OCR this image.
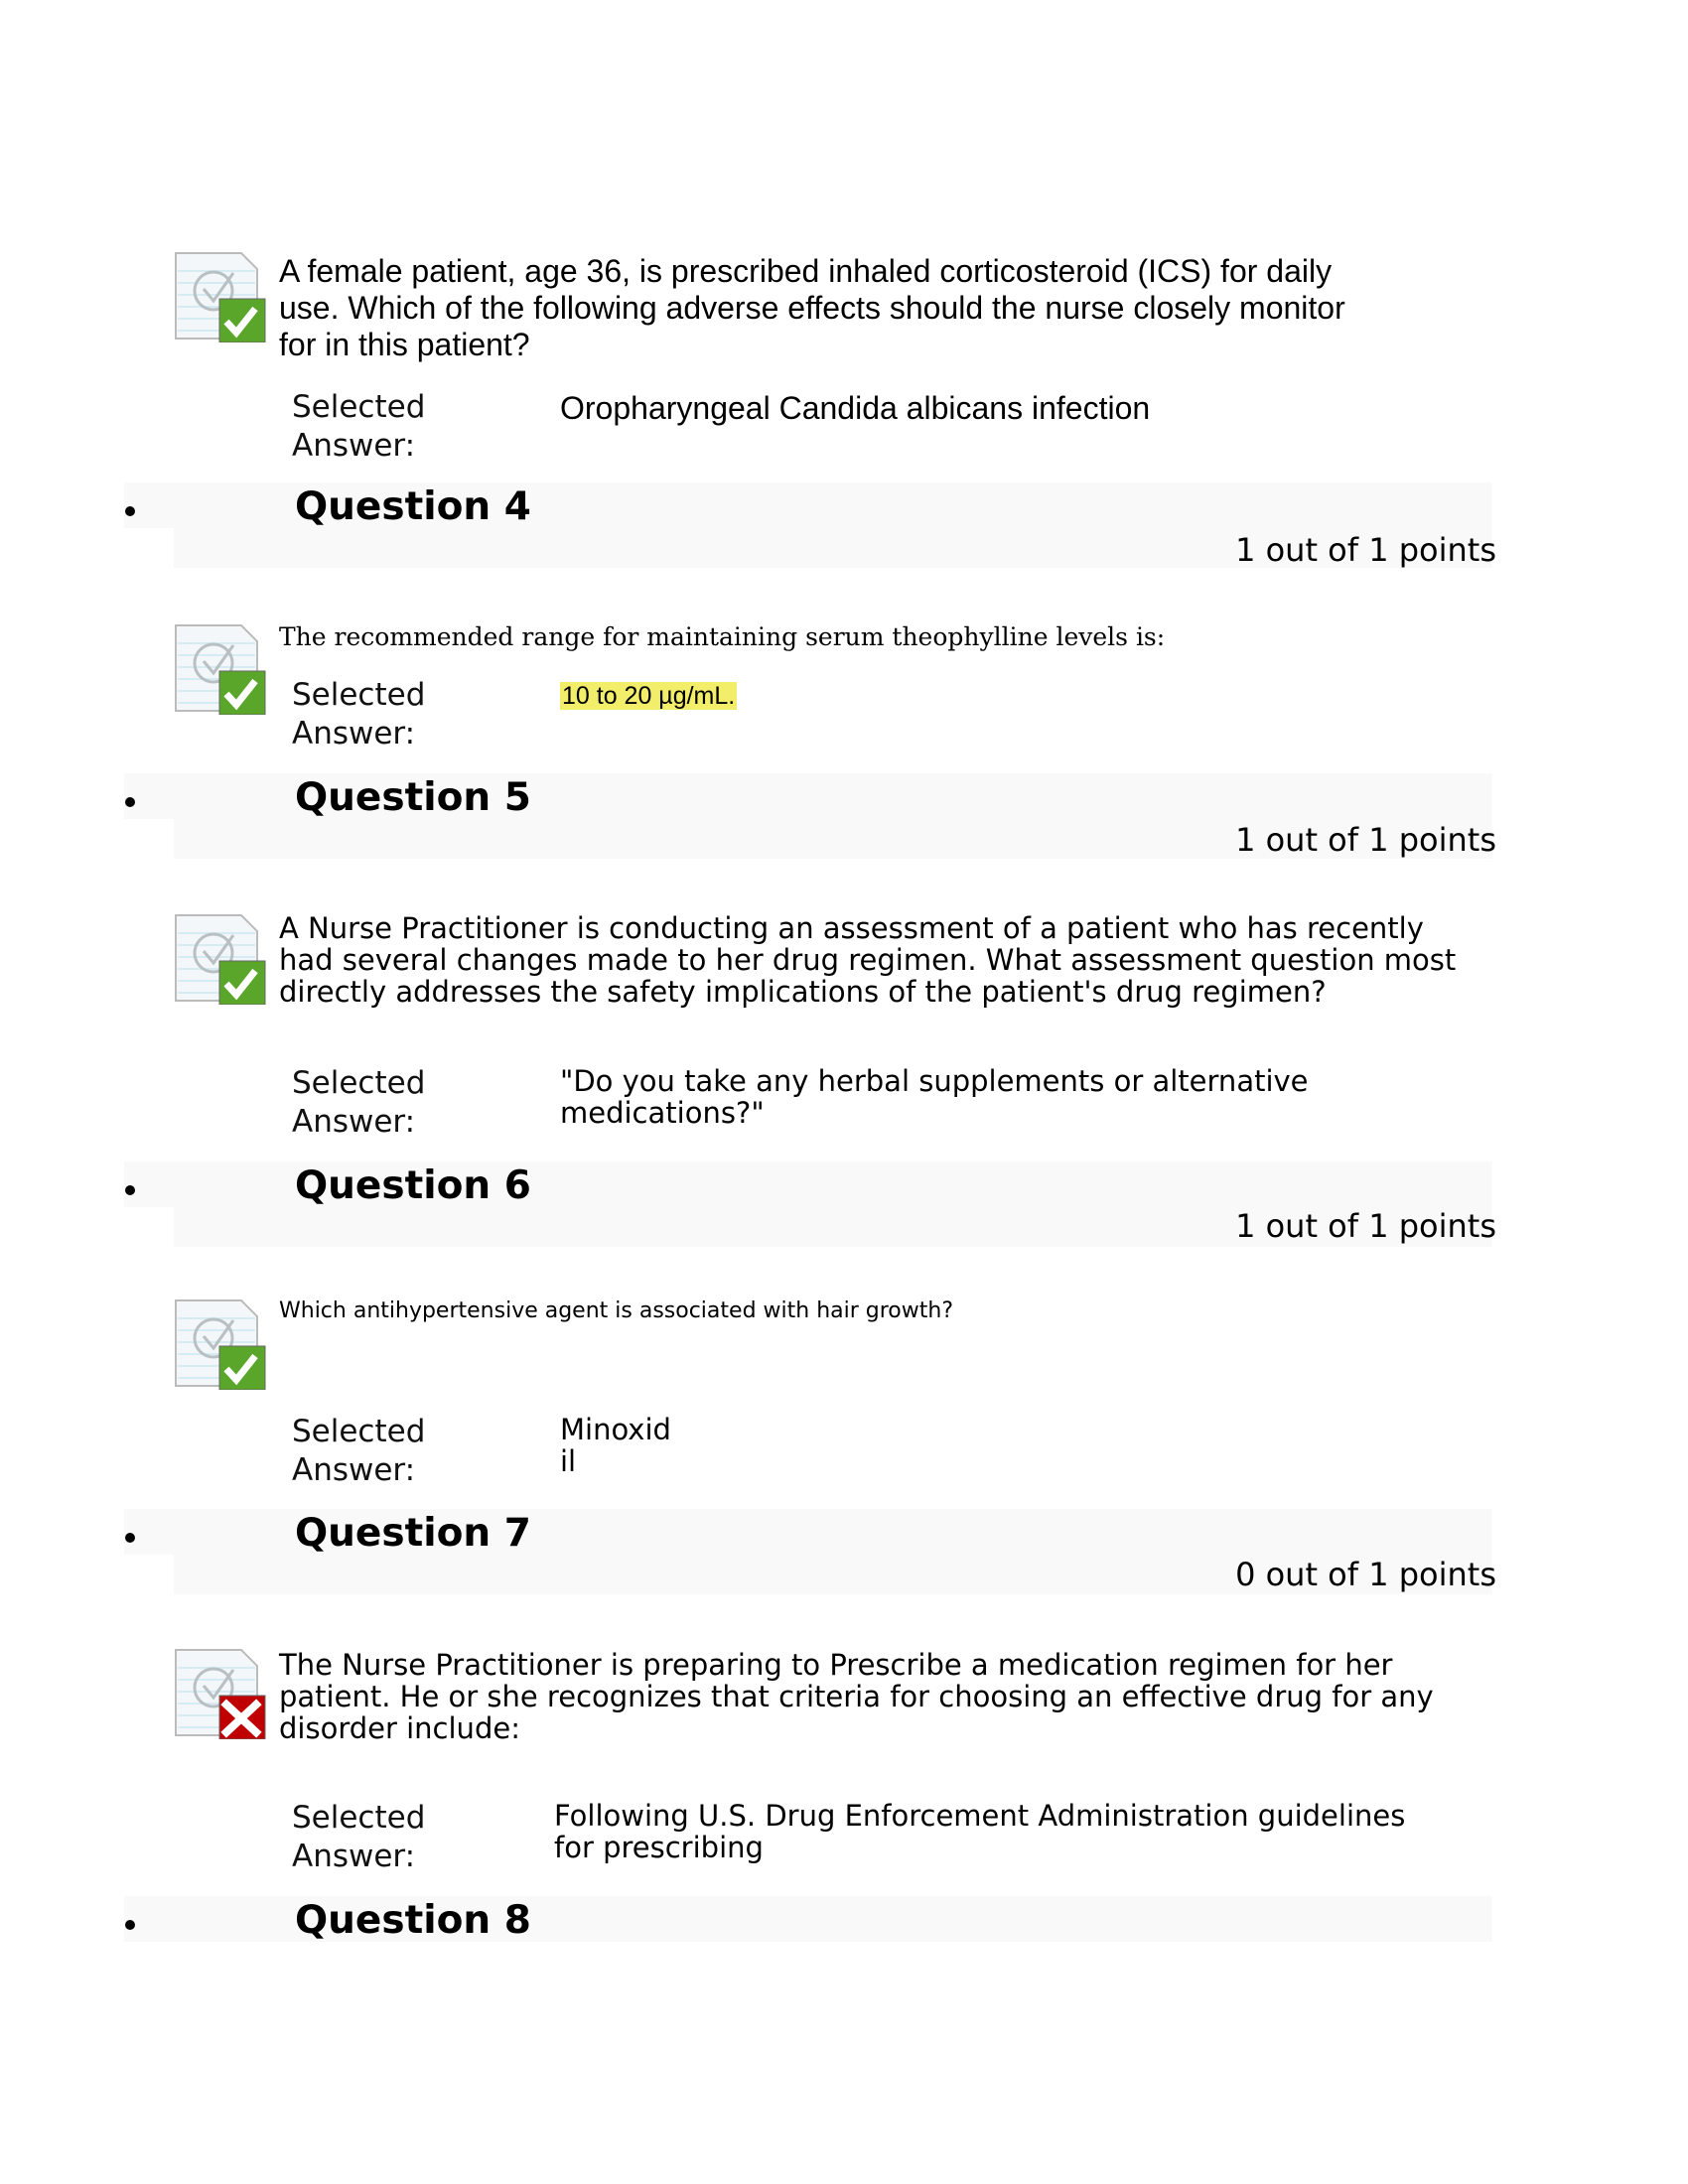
A female patient, age 36, is prescribed inhaled corticosteroid (ICS) for daily
use. Which of the following adverse effects should the nurse closely monitor
for in this patient?
Selected
Answer:
Oropharyngeal Candida albicans infection
Question 4
1 out of 1 points
The recommended range for maintaining serum theophylline levels is:
Selected
Answer:
10 to 20 µg/mL.
Question 5
1 out of 1 points
A Nurse Practitioner is conducting an assessment of a patient who has recently
had several changes made to her drug regimen. What assessment question most
directly addresses the safety implications of the patient's drug regimen?
Selected
Answer:
"Do you take any herbal supplements or alternative
medications?"
Question 6
1 out of 1 points
Which antihypertensive agent is associated with hair growth?
Selected
Answer:
Minoxid
il
Question 7
0 out of 1 points
The Nurse Practitioner is preparing to Prescribe a medication regimen for her
patient. He or she recognizes that criteria for choosing an effective drug for any
disorder include:
Selected
Answer:
Following U.S. Drug Enforcement Administration guidelines
for prescribing
Question 8
